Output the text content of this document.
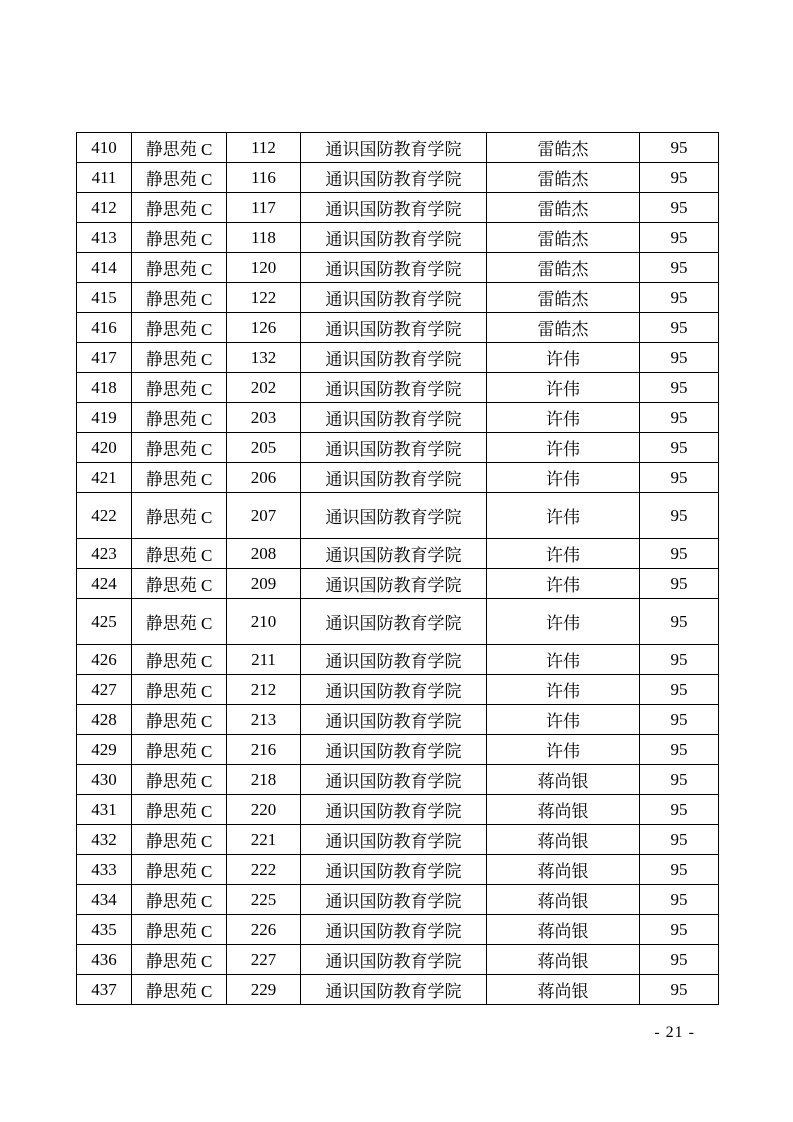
410	静思苑 C	112	通识国防教育学院	雷皓杰	95
411	静思苑 C	116	通识国防教育学院	雷皓杰	95
412	静思苑 C	117	通识国防教育学院	雷皓杰	95
413	静思苑 C	118	通识国防教育学院	雷皓杰	95
414	静思苑 C	120	通识国防教育学院	雷皓杰	95
415	静思苑 C	122	通识国防教育学院	雷皓杰	95
416	静思苑 C	126	通识国防教育学院	雷皓杰	95
417	静思苑 C	132	通识国防教育学院	许伟	95
418	静思苑 C	202	通识国防教育学院	许伟	95
419	静思苑 C	203	通识国防教育学院	许伟	95
420	静思苑 C	205	通识国防教育学院	许伟	95
421	静思苑 C	206	通识国防教育学院	许伟	95
422	静思苑 C	207	通识国防教育学院	许伟	95
423	静思苑 C	208	通识国防教育学院	许伟	95
424	静思苑 C	209	通识国防教育学院	许伟	95
425	静思苑 C	210	通识国防教育学院	许伟	95
426	静思苑 C	211	通识国防教育学院	许伟	95
427	静思苑 C	212	通识国防教育学院	许伟	95
428	静思苑 C	213	通识国防教育学院	许伟	95
429	静思苑 C	216	通识国防教育学院	许伟	95
430	静思苑 C	218	通识国防教育学院	蒋尚银	95
431	静思苑 C	220	通识国防教育学院	蒋尚银	95
432	静思苑 C	221	通识国防教育学院	蒋尚银	95
433	静思苑 C	222	通识国防教育学院	蒋尚银	95
434	静思苑 C	225	通识国防教育学院	蒋尚银	95
435	静思苑 C	226	通识国防教育学院	蒋尚银	95
436	静思苑 C	227	通识国防教育学院	蒋尚银	95
437	静思苑 C	229	通识国防教育学院	蒋尚银	95
- 21 -
